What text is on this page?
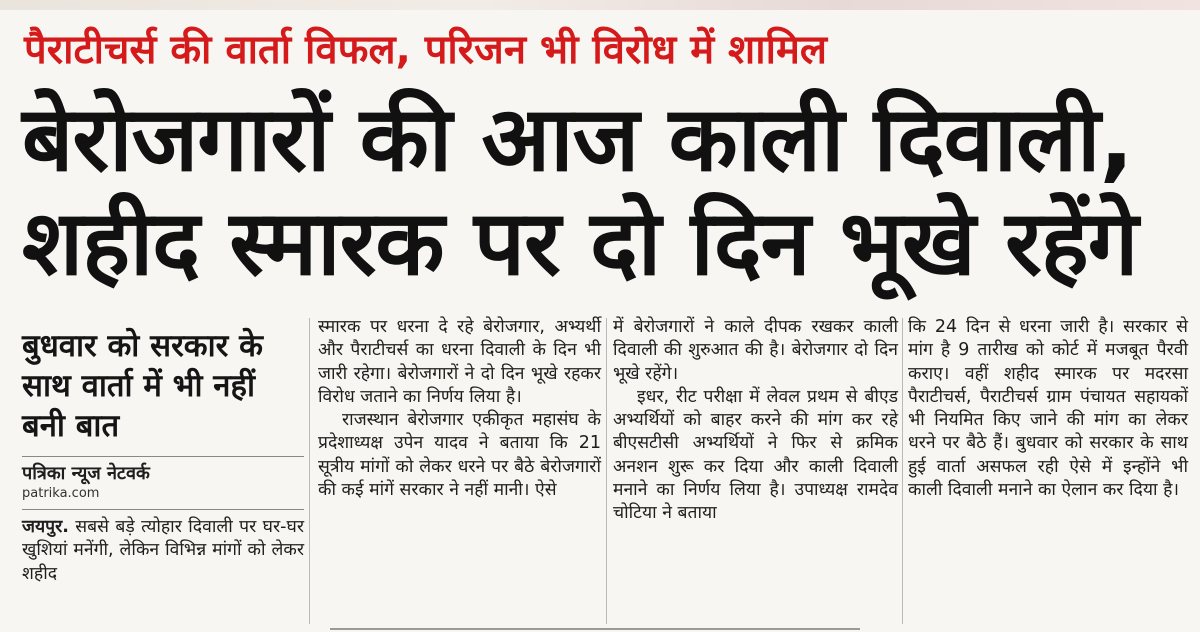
पैराटीचर्स की वार्ता विफल, परिजन भी विरोध में शामिल
बेरोजगारों की आज काली दिवाली,
शहीद स्मारक पर दो दिन भूखे रहेंगे
बुधवार को सरकार के साथ वार्ता में भी नहीं बनी बात
पत्रिका न्यूज नेटवर्क
patrika.com

जयपुर. सबसे बड़े त्योहार दिवाली पर घर-घर खुशियां मनेंगी, लेकिन विभिन्न मांगों को लेकर शहीद

स्मारक पर धरना दे रहे बेरोजगार, अभ्यर्थी और पैराटीचर्स का धरना दिवाली के दिन भी जारी रहेगा। बेरोजगारों ने दो दिन भूखे रहकर विरोध जताने का निर्णय लिया है।

राजस्थान बेरोजगार एकीकृत महासंघ के प्रदेशाध्यक्ष उपेन यादव ने बताया कि 21 सूत्रीय मांगों को लेकर धरने पर बैठे बेरोजगारों की कई मांगें सरकार ने नहीं मानी। ऐसे

में बेरोजगारों ने काले दीपक रखकर काली दिवाली की शुरुआत की है। बेरोजगार दो दिन भूखे रहेंगे।

इधर, रीट परीक्षा में लेवल प्रथम से बीएड अभ्यर्थियों को बाहर करने की मांग कर रहे बीएसटीसी अभ्यर्थियों ने फिर से क्रमिक अनशन शुरू कर दिया और काली दिवाली मनाने का निर्णय लिया है। उपाध्यक्ष रामदेव चोटिया ने बताया

कि 24 दिन से धरना जारी है। सरकार से मांग है 9 तारीख को कोर्ट में मजबूत पैरवी कराए। वहीं शहीद स्मारक पर मदरसा पैराटीचर्स, पैराटीचर्स ग्राम पंचायत सहायकों भी नियमित किए जाने की मांग का लेकर धरने पर बैठे हैं। बुधवार को सरकार के साथ हुई वार्ता असफल रही ऐसे में इन्होंने भी काली दिवाली मनाने का ऐलान कर दिया है।
